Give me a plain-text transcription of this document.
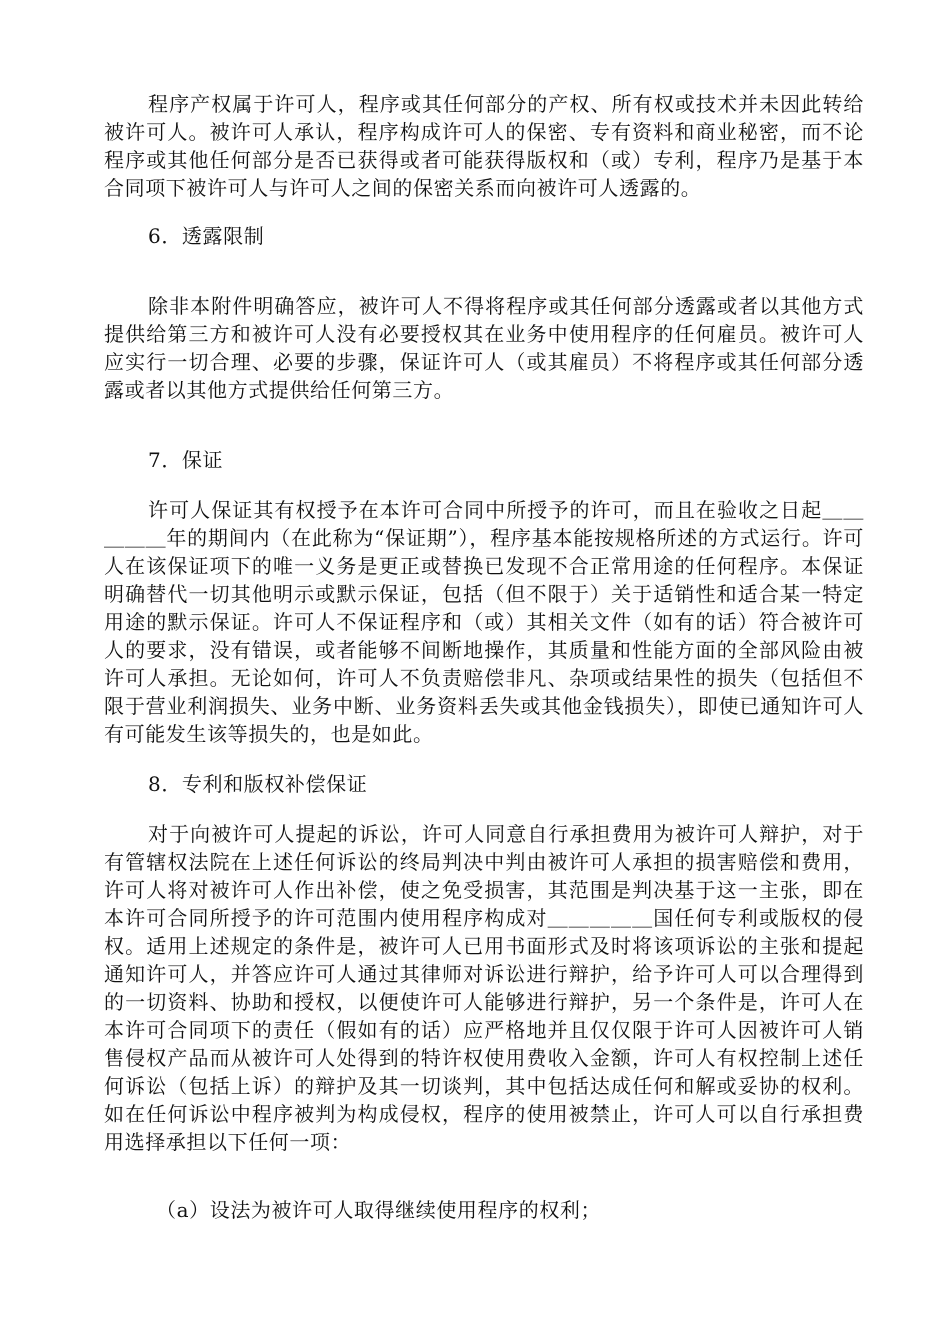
程序产权属于许可人，程序或其任何部分的产权、所有权或技术并未因此转给被许可人。被许可人承认，程序构成许可人的保密、专有资料和商业秘密，而不论程序或其他任何部分是否已获得或者可能获得版权和（或）专利，程序乃是基于本合同项下被许可人与许可人之间的保密关系而向被许可人透露的。

6．透露限制

除非本附件明确答应，被许可人不得将程序或其任何部分透露或者以其他方式提供给第三方和被许可人没有必要授权其在业务中使用程序的任何雇员。被许可人应实行一切合理、必要的步骤，保证许可人（或其雇员）不将程序或其任何部分透露或者以其他方式提供给任何第三方。

7．保证

许可人保证其有权授予在本许可合同中所授予的许可，而且在验收之日起＿＿＿＿＿年的期间内（在此称为“保证期”），程序基本能按规格所述的方式运行。许可人在该保证项下的唯一义务是更正或替换已发现不合正常用途的任何程序。本保证明确替代一切其他明示或默示保证，包括（但不限于）关于适销性和适合某一特定用途的默示保证。许可人不保证程序和（或）其相关文件（如有的话）符合被许可人的要求，没有错误，或者能够不间断地操作，其质量和性能方面的全部风险由被许可人承担。无论如何，许可人不负责赔偿非凡、杂项或结果性的损失（包括但不限于营业利润损失、业务中断、业务资料丢失或其他金钱损失），即使已通知许可人有可能发生该等损失的，也是如此。

8．专利和版权补偿保证

对于向被许可人提起的诉讼，许可人同意自行承担费用为被许可人辩护，对于有管辖权法院在上述任何诉讼的终局判决中判由被许可人承担的损害赔偿和费用，许可人将对被许可人作出补偿，使之免受损害，其范围是判决基于这一主张，即在本许可合同所授予的许可范围内使用程序构成对＿＿＿＿＿国任何专利或版权的侵权。适用上述规定的条件是，被许可人已用书面形式及时将该项诉讼的主张和提起通知许可人，并答应许可人通过其律师对诉讼进行辩护，给予许可人可以合理得到的一切资料、协助和授权，以便使许可人能够进行辩护，另一个条件是，许可人在本许可合同项下的责任（假如有的话）应严格地并且仅仅限于许可人因被许可人销售侵权产品而从被许可人处得到的特许权使用费收入金额，许可人有权控制上述任何诉讼（包括上诉）的辩护及其一切谈判，其中包括达成任何和解或妥协的权利。如在任何诉讼中程序被判为构成侵权，程序的使用被禁止，许可人可以自行承担费用选择承担以下任何一项：

（a）设法为被许可人取得继续使用程序的权利；
